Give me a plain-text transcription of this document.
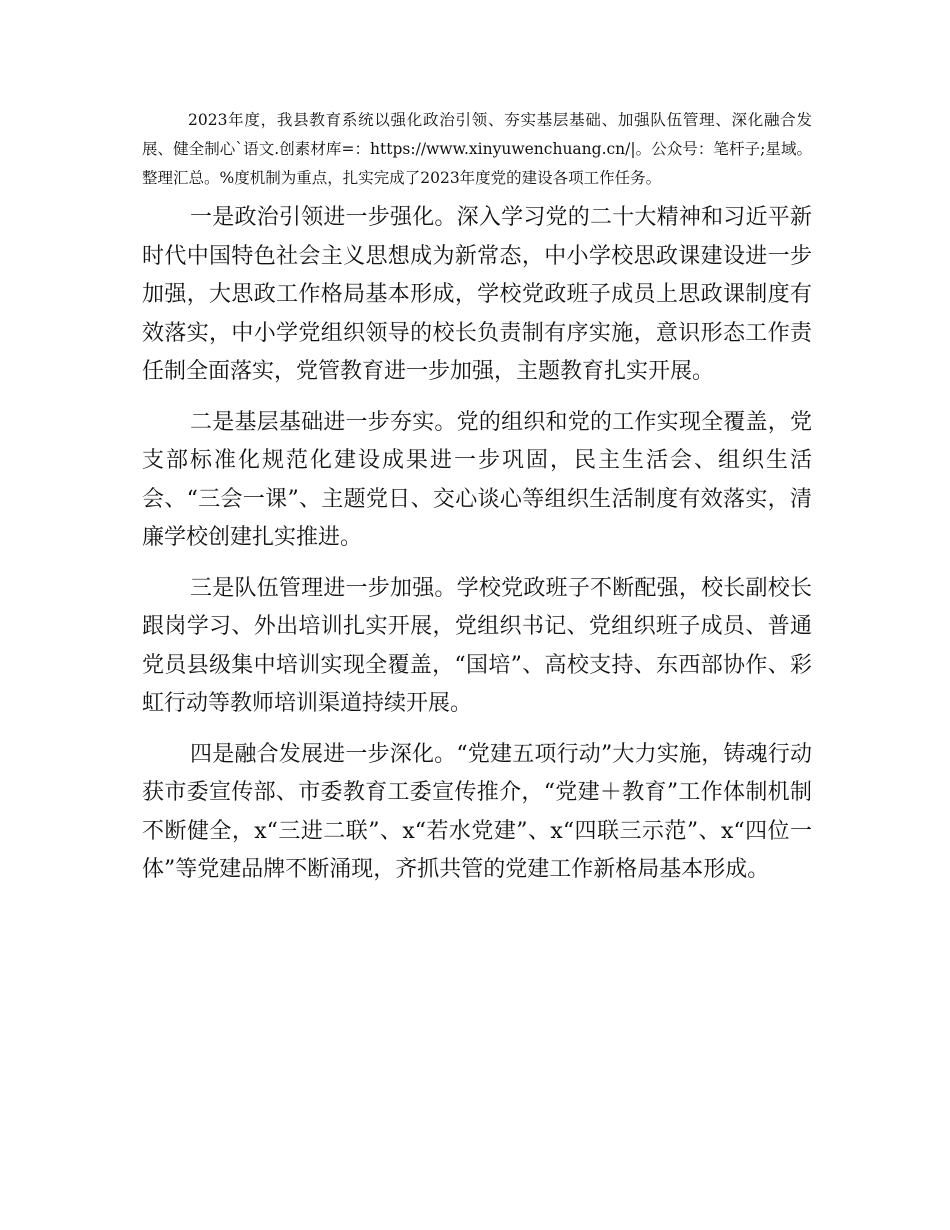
2023年度，我县教育系统以强化政治引领、夯实基层基础、加强队伍管理、深化融合发展、健全制心`语文.创素材库=：https://www.xinyuwenchuang.cn/|。公众号：笔杆子;星域。整理汇总。%度机制为重点，扎实完成了2023年度党的建设各项工作任务。

一是政治引领进一步强化。深入学习党的二十大精神和习近平新时代中国特色社会主义思想成为新常态，中小学校思政课建设进一步加强，大思政工作格局基本形成，学校党政班子成员上思政课制度有效落实，中小学党组织领导的校长负责制有序实施，意识形态工作责任制全面落实，党管教育进一步加强，主题教育扎实开展。

二是基层基础进一步夯实。党的组织和党的工作实现全覆盖，党支部标准化规范化建设成果进一步巩固，民主生活会、组织生活会、“三会一课”、主题党日、交心谈心等组织生活制度有效落实，清廉学校创建扎实推进。

三是队伍管理进一步加强。学校党政班子不断配强，校长副校长跟岗学习、外出培训扎实开展，党组织书记、党组织班子成员、普通党员县级集中培训实现全覆盖，“国培”、高校支持、东西部协作、彩虹行动等教师培训渠道持续开展。

四是融合发展进一步深化。“党建五项行动”大力实施，铸魂行动获市委宣传部、市委教育工委宣传推介，“党建＋教育”工作体制机制不断健全，x“三进二联”、x“若水党建”、x“四联三示范”、x“四位一体”等党建品牌不断涌现，齐抓共管的党建工作新格局基本形成。
